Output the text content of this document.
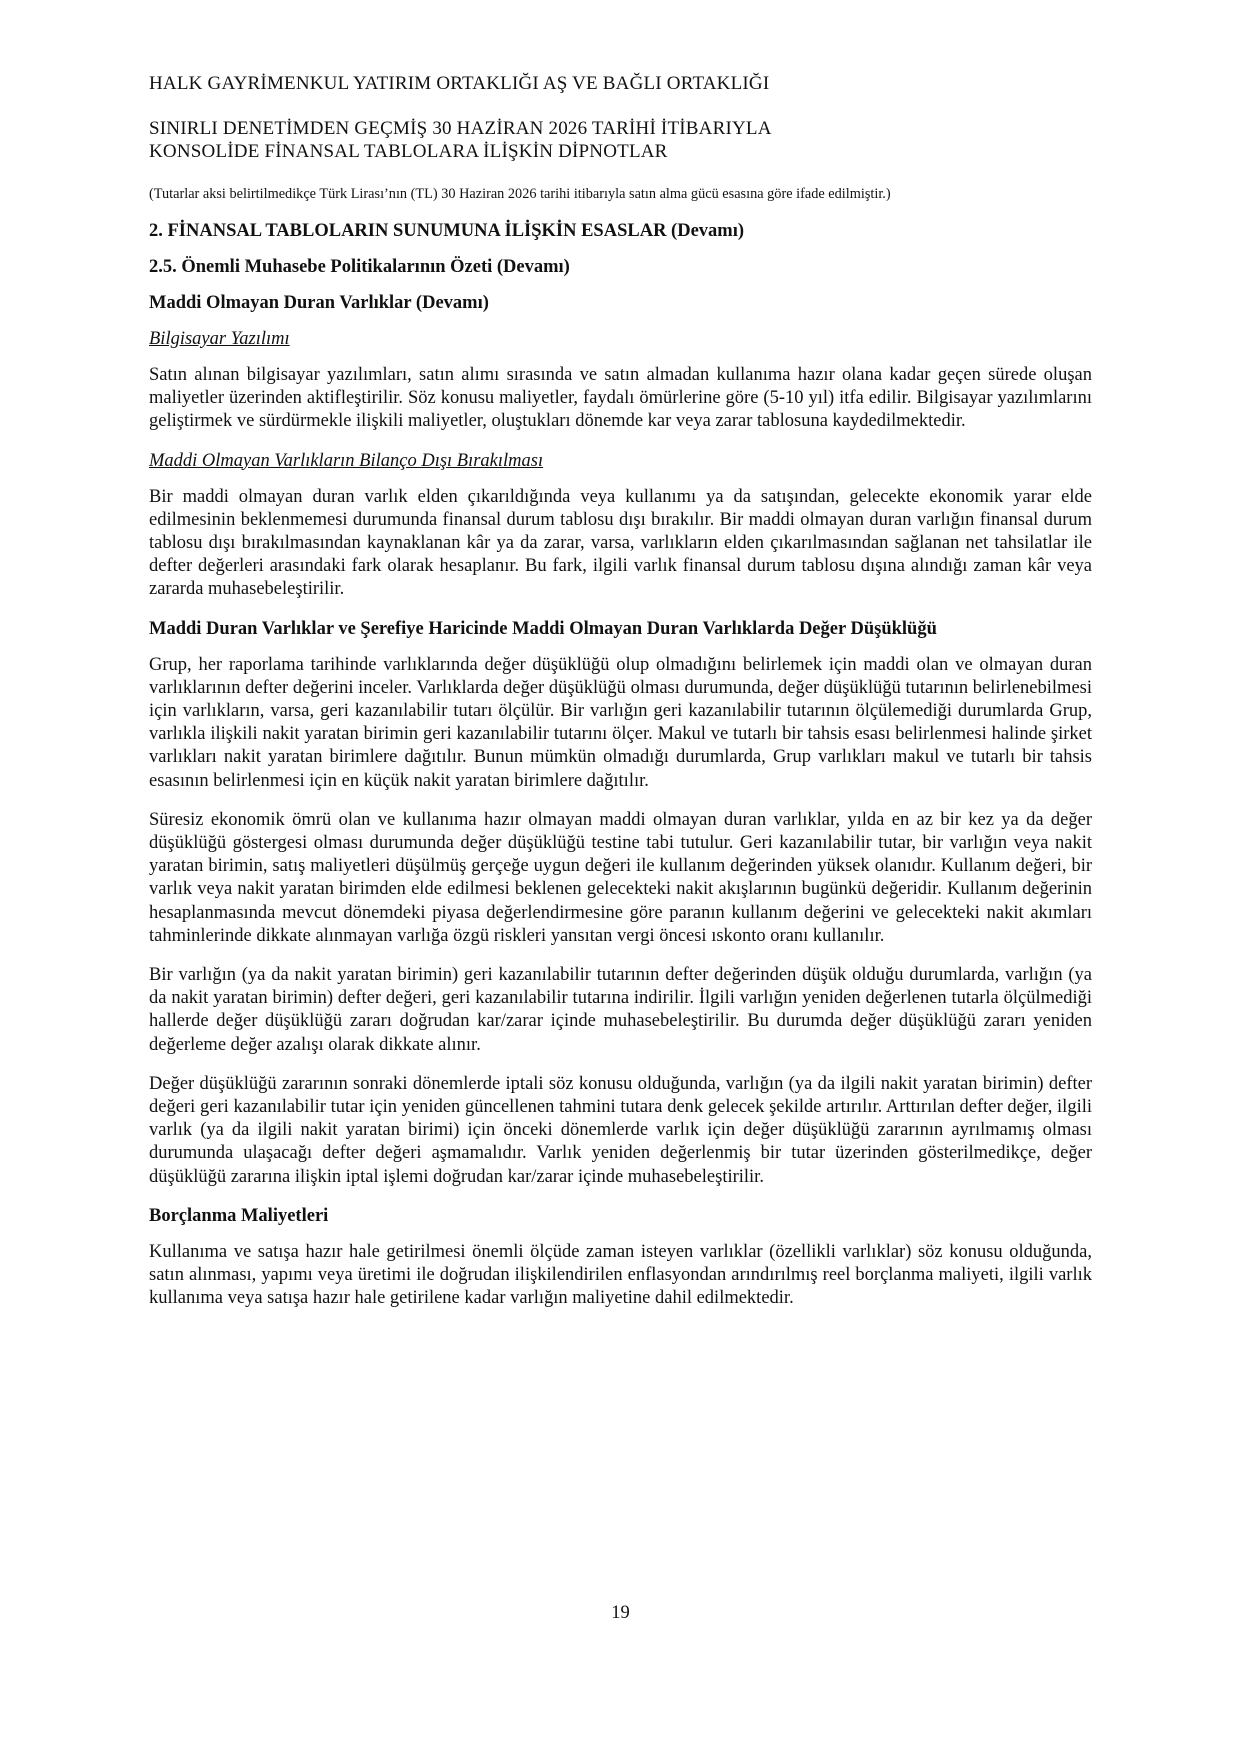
HALK GAYRİMENKUL YATIRIM ORTAKLIĞI AŞ VE BAĞLI ORTAKLIĞI
SINIRLI DENETİMDEN GEÇMİŞ 30 HAZİRAN 2026 TARİHİ İTİBARIYLA
KONSOLİDE FİNANSAL TABLOLARA İLİŞKİN DİPNOTLAR
(Tutarlar aksi belirtilmedikçe Türk Lirası’nın (TL) 30 Haziran 2026 tarihi itibarıyla satın alma gücü esasına göre ifade edilmiştir.)
2. FİNANSAL TABLOLARIN SUNUMUNA İLİŞKİN ESASLAR (Devamı)
2.5. Önemli Muhasebe Politikalarının Özeti (Devamı)
Maddi Olmayan Duran Varlıklar (Devamı)
Bilgisayar Yazılımı

Satın alınan bilgisayar yazılımları, satın alımı sırasında ve satın almadan kullanıma hazır olana kadar geçen sürede oluşan maliyetler üzerinden aktifleştirilir. Söz konusu maliyetler, faydalı ömürlerine göre (5-10 yıl) itfa edilir. Bilgisayar yazılımlarını geliştirmek ve sürdürmekle ilişkili maliyetler, oluştukları dönemde kar veya zarar tablosuna kaydedilmektedir.

Maddi Olmayan Varlıkların Bilanço Dışı Bırakılması

Bir maddi olmayan duran varlık elden çıkarıldığında veya kullanımı ya da satışından, gelecekte ekonomik yarar elde edilmesinin beklenmemesi durumunda finansal durum tablosu dışı bırakılır. Bir maddi olmayan duran varlığın finansal durum tablosu dışı bırakılmasından kaynaklanan kâr ya da zarar, varsa, varlıkların elden çıkarılmasından sağlanan net tahsilatlar ile defter değerleri arasındaki fark olarak hesaplanır. Bu fark, ilgili varlık finansal durum tablosu dışına alındığı zaman kâr veya zararda muhasebeleştirilir.

Maddi Duran Varlıklar ve Şerefiye Haricinde Maddi Olmayan Duran Varlıklarda Değer Düşüklüğü

Grup, her raporlama tarihinde varlıklarında değer düşüklüğü olup olmadığını belirlemek için maddi olan ve olmayan duran varlıklarının defter değerini inceler. Varlıklarda değer düşüklüğü olması durumunda, değer düşüklüğü tutarının belirlenebilmesi için varlıkların, varsa, geri kazanılabilir tutarı ölçülür. Bir varlığın geri kazanılabilir tutarının ölçülemediği durumlarda Grup, varlıkla ilişkili nakit yaratan birimin geri kazanılabilir tutarını ölçer. Makul ve tutarlı bir tahsis esası belirlenmesi halinde şirket varlıkları nakit yaratan birimlere dağıtılır. Bunun mümkün olmadığı durumlarda, Grup varlıkları makul ve tutarlı bir tahsis esasının belirlenmesi için en küçük nakit yaratan birimlere dağıtılır.

Süresiz ekonomik ömrü olan ve kullanıma hazır olmayan maddi olmayan duran varlıklar, yılda en az bir kez ya da değer düşüklüğü göstergesi olması durumunda değer düşüklüğü testine tabi tutulur. Geri kazanılabilir tutar, bir varlığın veya nakit yaratan birimin, satış maliyetleri düşülmüş gerçeğe uygun değeri ile kullanım değerinden yüksek olanıdır. Kullanım değeri, bir varlık veya nakit yaratan birimden elde edilmesi beklenen gelecekteki nakit akışlarının bugünkü değeridir. Kullanım değerinin hesaplanmasında mevcut dönemdeki piyasa değerlendirmesine göre paranın kullanım değerini ve gelecekteki nakit akımları tahminlerinde dikkate alınmayan varlığa özgü riskleri yansıtan vergi öncesi ıskonto oranı kullanılır.

Bir varlığın (ya da nakit yaratan birimin) geri kazanılabilir tutarının defter değerinden düşük olduğu durumlarda, varlığın (ya da nakit yaratan birimin) defter değeri, geri kazanılabilir tutarına indirilir. İlgili varlığın yeniden değerlenen tutarla ölçülmediği hallerde değer düşüklüğü zararı doğrudan kar/zarar içinde muhasebeleştirilir. Bu durumda değer düşüklüğü zararı yeniden değerleme değer azalışı olarak dikkate alınır.

Değer düşüklüğü zararının sonraki dönemlerde iptali söz konusu olduğunda, varlığın (ya da ilgili nakit yaratan birimin) defter değeri geri kazanılabilir tutar için yeniden güncellenen tahmini tutara denk gelecek şekilde artırılır. Arttırılan defter değer, ilgili varlık (ya da ilgili nakit yaratan birimi) için önceki dönemlerde varlık için değer düşüklüğü zararının ayrılmamış olması durumunda ulaşacağı defter değeri aşmamalıdır. Varlık yeniden değerlenmiş bir tutar üzerinden gösterilmedikçe, değer düşüklüğü zararına ilişkin iptal işlemi doğrudan kar/zarar içinde muhasebeleştirilir.

Borçlanma Maliyetleri

Kullanıma ve satışa hazır hale getirilmesi önemli ölçüde zaman isteyen varlıklar (özellikli varlıklar) söz konusu olduğunda, satın alınması, yapımı veya üretimi ile doğrudan ilişkilendirilen enflasyondan arındırılmış reel borçlanma maliyeti, ilgili varlık kullanıma veya satışa hazır hale getirilene kadar varlığın maliyetine dahil edilmektedir.

19
